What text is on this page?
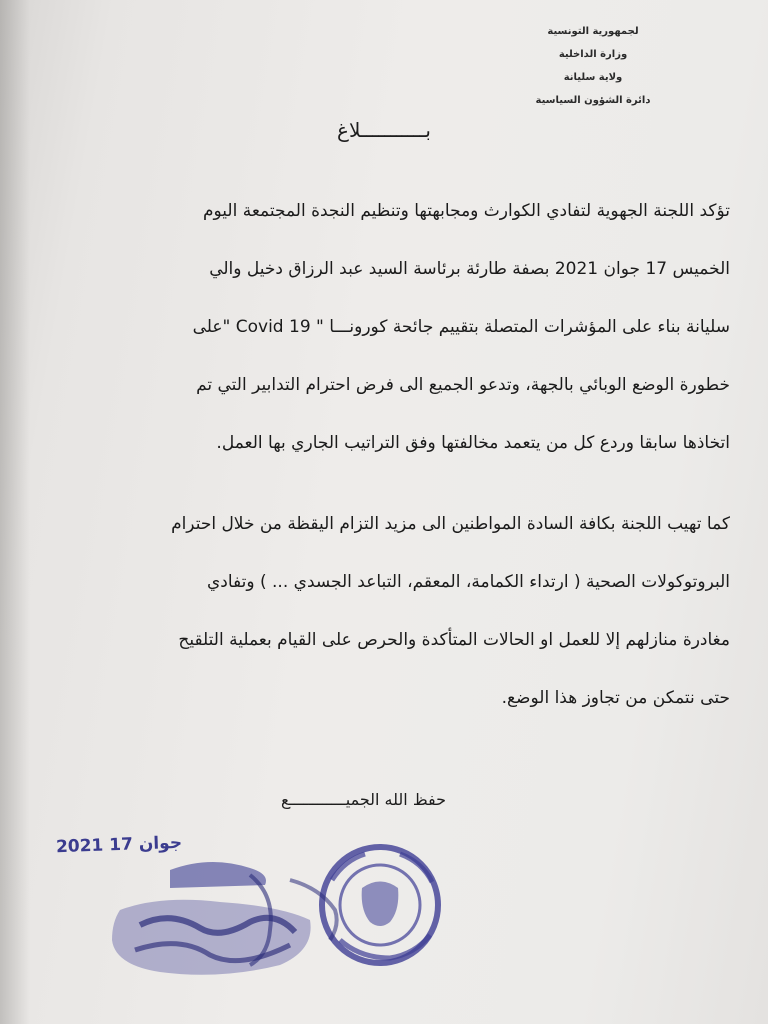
لجمهورية التونسية
وزارة الداخلية
ولاية سليانة
دائرة الشؤون السياسية
بـــــــــــلاغ
تؤكد اللجنة الجهوية لتفادي الكوارث ومجابهتها وتنظيم النجدة المجتمعة اليوم
الخميس 17 جوان 2021 بصفة طارئة برئاسة السيد عبد الرزاق دخيل والي
سليانة بناء على المؤشرات المتصلة بتقييم جائحة كورونـــا " Covid 19 "على
خطورة الوضع الوبائي بالجهة، وتدعو الجميع الى فرض احترام التدابير التي تم
اتخاذها سابقا وردع كل من يتعمد مخالفتها وفق التراتيب الجاري بها العمل.
كما تهيب اللجنة بكافة السادة المواطنين الى مزيد التزام اليقظة من خلال احترام
البروتوكولات الصحية ( ارتداء الكمامة، المعقم، التباعد الجسدي ... ) وتفادي
مغادرة منازلهم إلا للعمل او الحالات المتأكدة والحرص على القيام بعملية التلقيح
حتى نتمكن من تجاوز هذا الوضع.
حفظ الله الجميــــــــــــع
2021 جوان 17
